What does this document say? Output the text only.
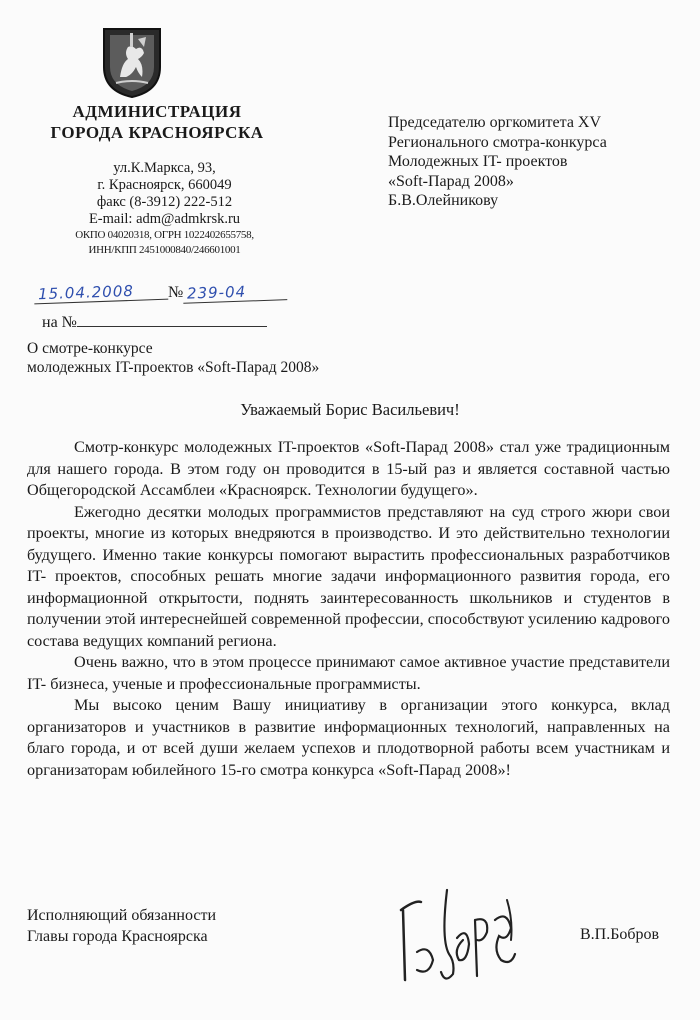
АДМИНИСТРАЦИЯ
ГОРОДА КРАСНОЯРСКА
ул.К.Маркса, 93,
г. Красноярск, 660049
факс (8-3912) 222-512
E-mail: adm@admkrsk.ru
ОКПО 04020318, ОГРН 1022402655758,
ИНН/КПП 2451000840/246601001
Председателю оргкомитета XV
Регионального смотра-конкурса
Молодежных IT- проектов
«Soft-Парад 2008»
Б.В.Олейникову
15.04.2008 № 239-04
на №
О смотре-конкурсе
молодежных IT-проектов «Soft-Парад 2008»
Уважаемый Борис Васильевич!

Смотр-конкурс молодежных IT-проектов «Soft-Парад 2008» стал уже традиционным для нашего города. В этом году он проводится в 15-ый раз и является составной частью Общегородской Ассамблеи «Красноярск. Технологии будущего».

Ежегодно десятки молодых программистов представляют на суд строго жюри свои проекты, многие из которых внедряются в производство. И это действительно технологии будущего. Именно такие конкурсы помогают вырастить профессиональных разработчиков IT- проектов, способных решать многие задачи информационного развития города, его информационной открытости, поднять заинтересованность школьников и студентов в получении этой интереснейшей современной профессии, способствуют усилению кадрового состава ведущих компаний региона.

Очень важно, что в этом процессе принимают самое активное участие представители IT- бизнеса, ученые и профессиональные программисты.

Мы высоко ценим Вашу инициативу в организации этого конкурса, вклад организаторов и участников в развитие информационных технологий, направленных на благо города, и от всей души желаем успехов и плодотворной работы всем участникам и организаторам юбилейного 15-го смотра конкурса «Soft-Парад 2008»!

Исполняющий обязанности
Главы города Красноярска	В.П.Бобров
